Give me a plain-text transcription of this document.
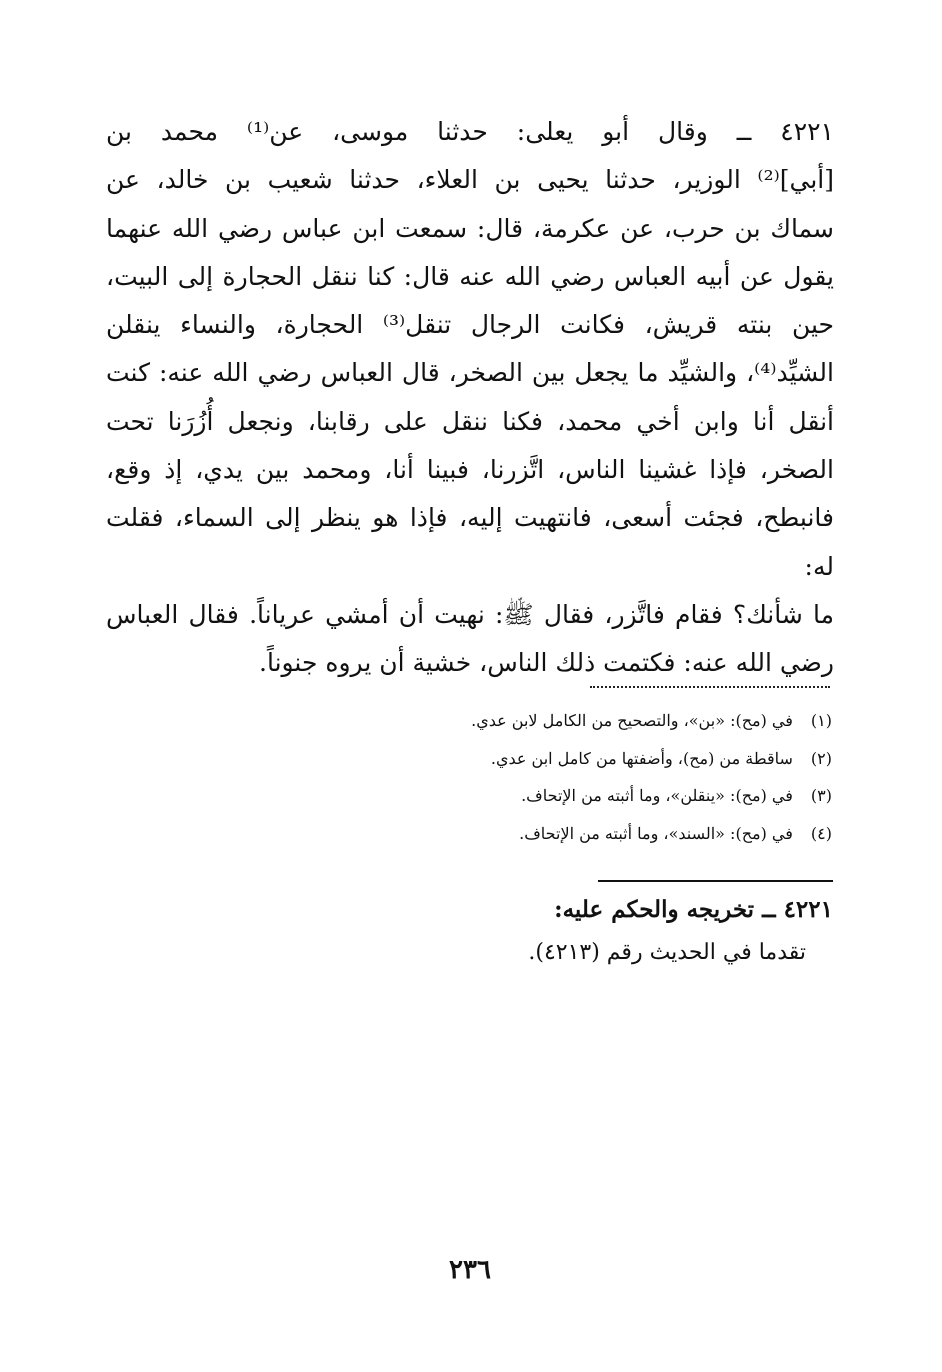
٤٢٢١ ــ وقال أبو يعلى: حدثنا موسى، عن⁽¹⁾ محمد بن
[أبي]⁽²⁾ الوزير، حدثنا يحيى بن العلاء، حدثنا شعيب بن خالد، عن
سماك بن حرب، عن عكرمة، قال: سمعت ابن عباس رضي الله عنهما
يقول عن أبيه العباس رضي الله عنه قال: كنا ننقل الحجارة إلى البيت،
حين بنته قريش، فكانت الرجال تنقل⁽³⁾ الحجارة، والنساء ينقلن
الشيِّد⁽⁴⁾، والشيِّد ما يجعل بين الصخر، قال العباس رضي الله عنه: كنت
أنقل أنا وابن أخي محمد، فكنا ننقل على رقابنا، ونجعل أُزُرَنا تحت
الصخر، فإذا غشينا الناس، اتَّزرنا، فبينا أنا، ومحمد بين يدي، إذ وقع،
فانبطح، فجئت أسعى، فانتهيت إليه، فإذا هو ينظر إلى السماء، فقلت له:
ما شأنك؟ فقام فاتَّزر، فقال ﷺ: نهيت أن أمشي عرياناً. فقال العباس
رضي الله عنه: فكتمت ذلك الناس، خشية أن يروه جنوناً.
(١) في (مح): «بن»، والتصحيح من الكامل لابن عدي.
(٢) ساقطة من (مح)، وأضفتها من كامل ابن عدي.
(٣) في (مح): «ينقلن»، وما أثبته من الإتحاف.
(٤) في (مح): «السند»، وما أثبته من الإتحاف.
٤٢٢١ ــ تخريجه والحكم عليه:
تقدما في الحديث رقم (٤٢١٣).
٢٣٦
